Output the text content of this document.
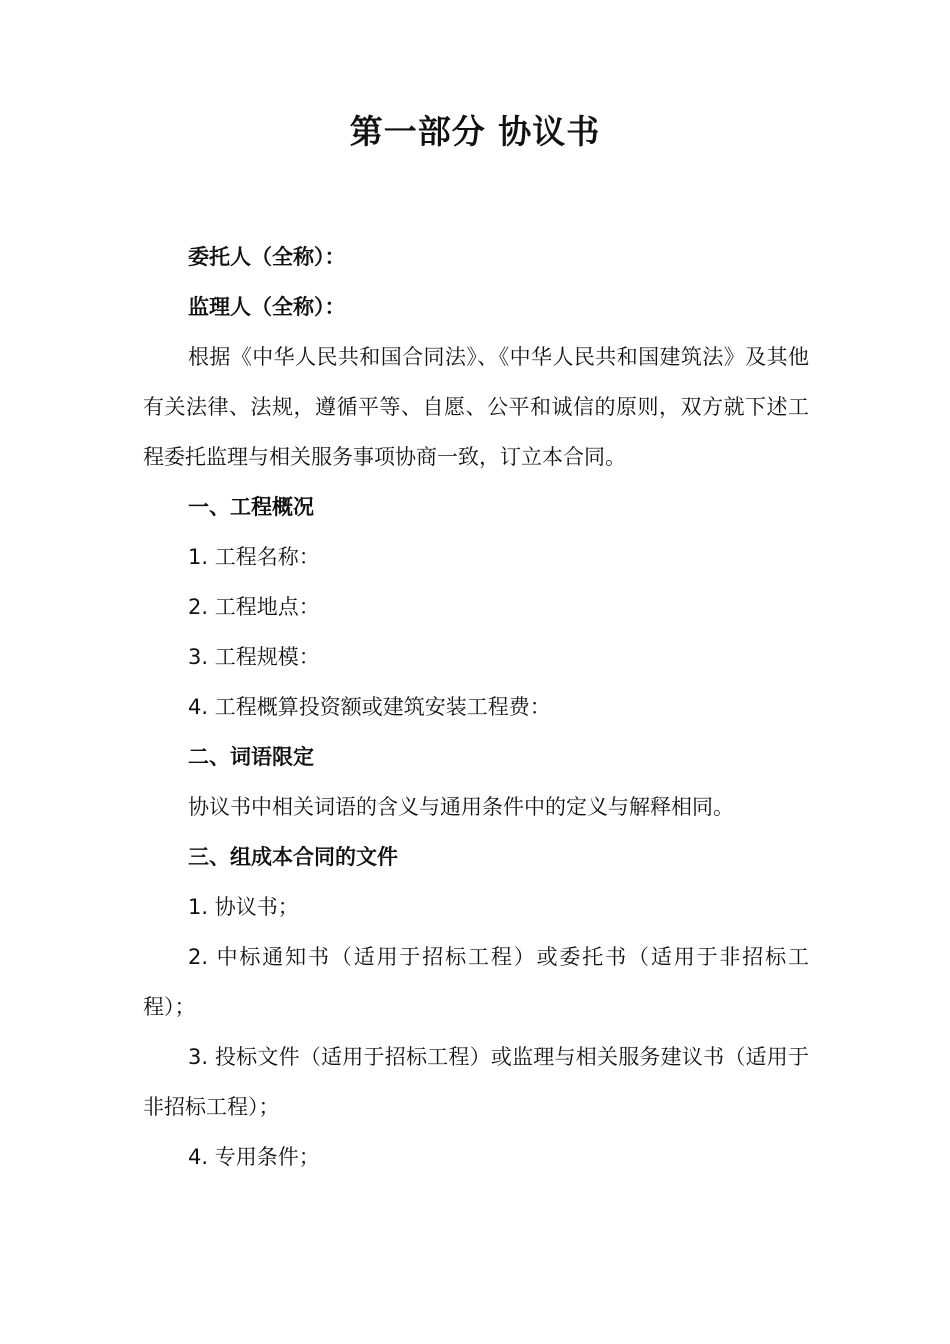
第一部分 协议书

委托人（全称）：

监理人（全称）：

根据《中华人民共和国合同法》、《中华人民共和国建筑法》及其他有关法律、法规，遵循平等、自愿、公平和诚信的原则，双方就下述工程委托监理与相关服务事项协商一致，订立本合同。

一、工程概况

1. 工程名称：

2. 工程地点：

3. 工程规模：

4. 工程概算投资额或建筑安装工程费：

二、词语限定

协议书中相关词语的含义与通用条件中的定义与解释相同。

三、组成本合同的文件

1. 协议书；

2. 中标通知书（适用于招标工程）或委托书（适用于非招标工程）；

3. 投标文件（适用于招标工程）或监理与相关服务建议书（适用于非招标工程）；

4. 专用条件；
